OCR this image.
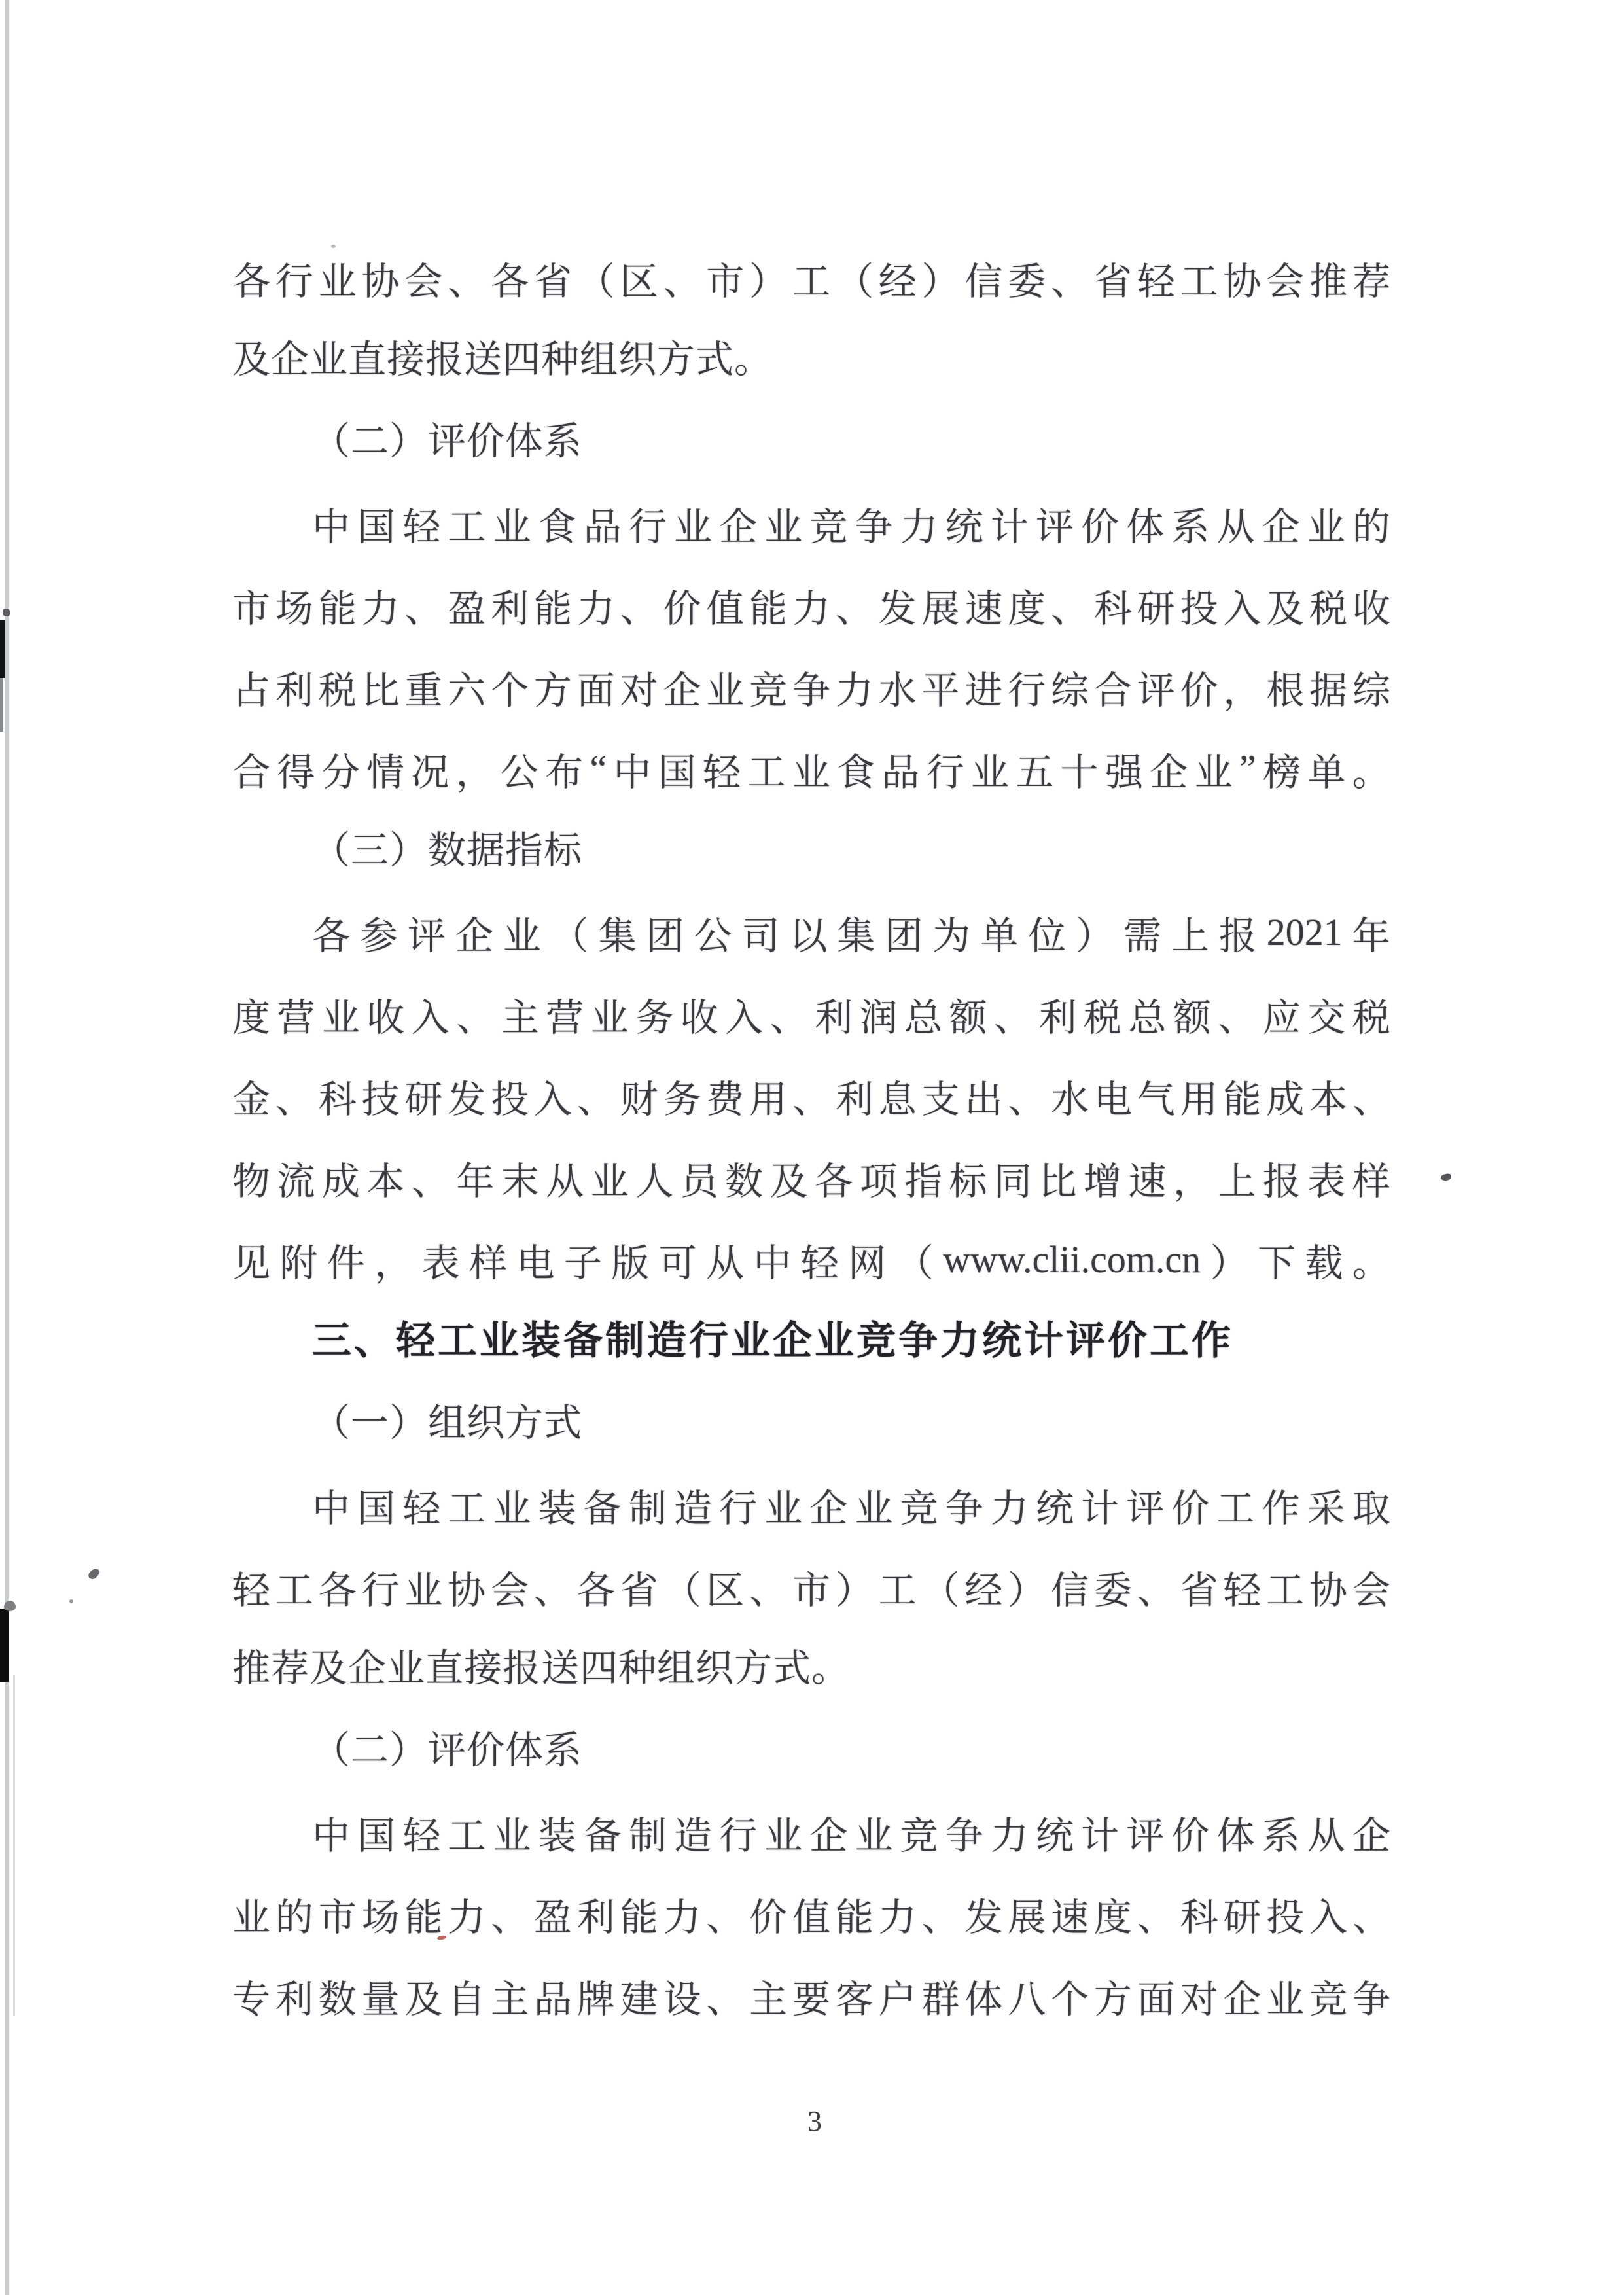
各 行 业 协 会 、 各 省 （ 区 、 市 ） 工 （ 经 ） 信 委 、 省 轻 工 协 会 推 荐
及企业直接报送四种组织方式。
（二）评价体系
中 国 轻 工 业 食 品 行 业 企 业 竞 争 力 统 计 评 价 体 系 从 企 业 的
市 场 能 力 、 盈 利 能 力 、 价 值 能 力 、 发 展 速 度 、 科 研 投 入 及 税 收
占 利 税 比 重 六 个 方 面 对 企 业 竞 争 力 水 平 进 行 综 合 评 价 ， 根 据 综
合 得 分 情 况 ， 公 布 “ 中 国 轻 工 业 食 品 行 业 五 十 强 企 业 ” 榜 单 。
（三）数据指标
各 参 评 企 业 （ 集 团 公 司 以 集 团 为 单 位 ） 需 上 报 2021 年
度 营 业 收 入 、 主 营 业 务 收 入 、 利 润 总 额 、 利 税 总 额 、 应 交 税
金 、 科 技 研 发 投 入 、 财 务 费 用 、 利 息 支 出 、 水 电 气 用 能 成 本 、
物 流 成 本 、 年 末 从 业 人 员 数 及 各 项 指 标 同 比 增 速 ， 上 报 表 样
见 附 件 ， 表 样 电 子 版 可 从 中 轻 网 （ www.clii.com.cn ） 下 载 。
三、轻工业装备制造行业企业竞争力统计评价工作
（一）组织方式
中 国 轻 工 业 装 备 制 造 行 业 企 业 竞 争 力 统 计 评 价 工 作 采 取
轻 工 各 行 业 协 会 、 各 省 （ 区 、 市 ） 工 （ 经 ） 信 委 、 省 轻 工 协 会
推荐及企业直接报送四种组织方式。
（二）评价体系
中 国 轻 工 业 装 备 制 造 行 业 企 业 竞 争 力 统 计 评 价 体 系 从 企
业 的 市 场 能 力 、 盈 利 能 力 、 价 值 能 力 、 发 展 速 度 、 科 研 投 入 、
专 利 数 量 及 自 主 品 牌 建 设 、 主 要 客 户 群 体 八 个 方 面 对 企 业 竞 争
3
